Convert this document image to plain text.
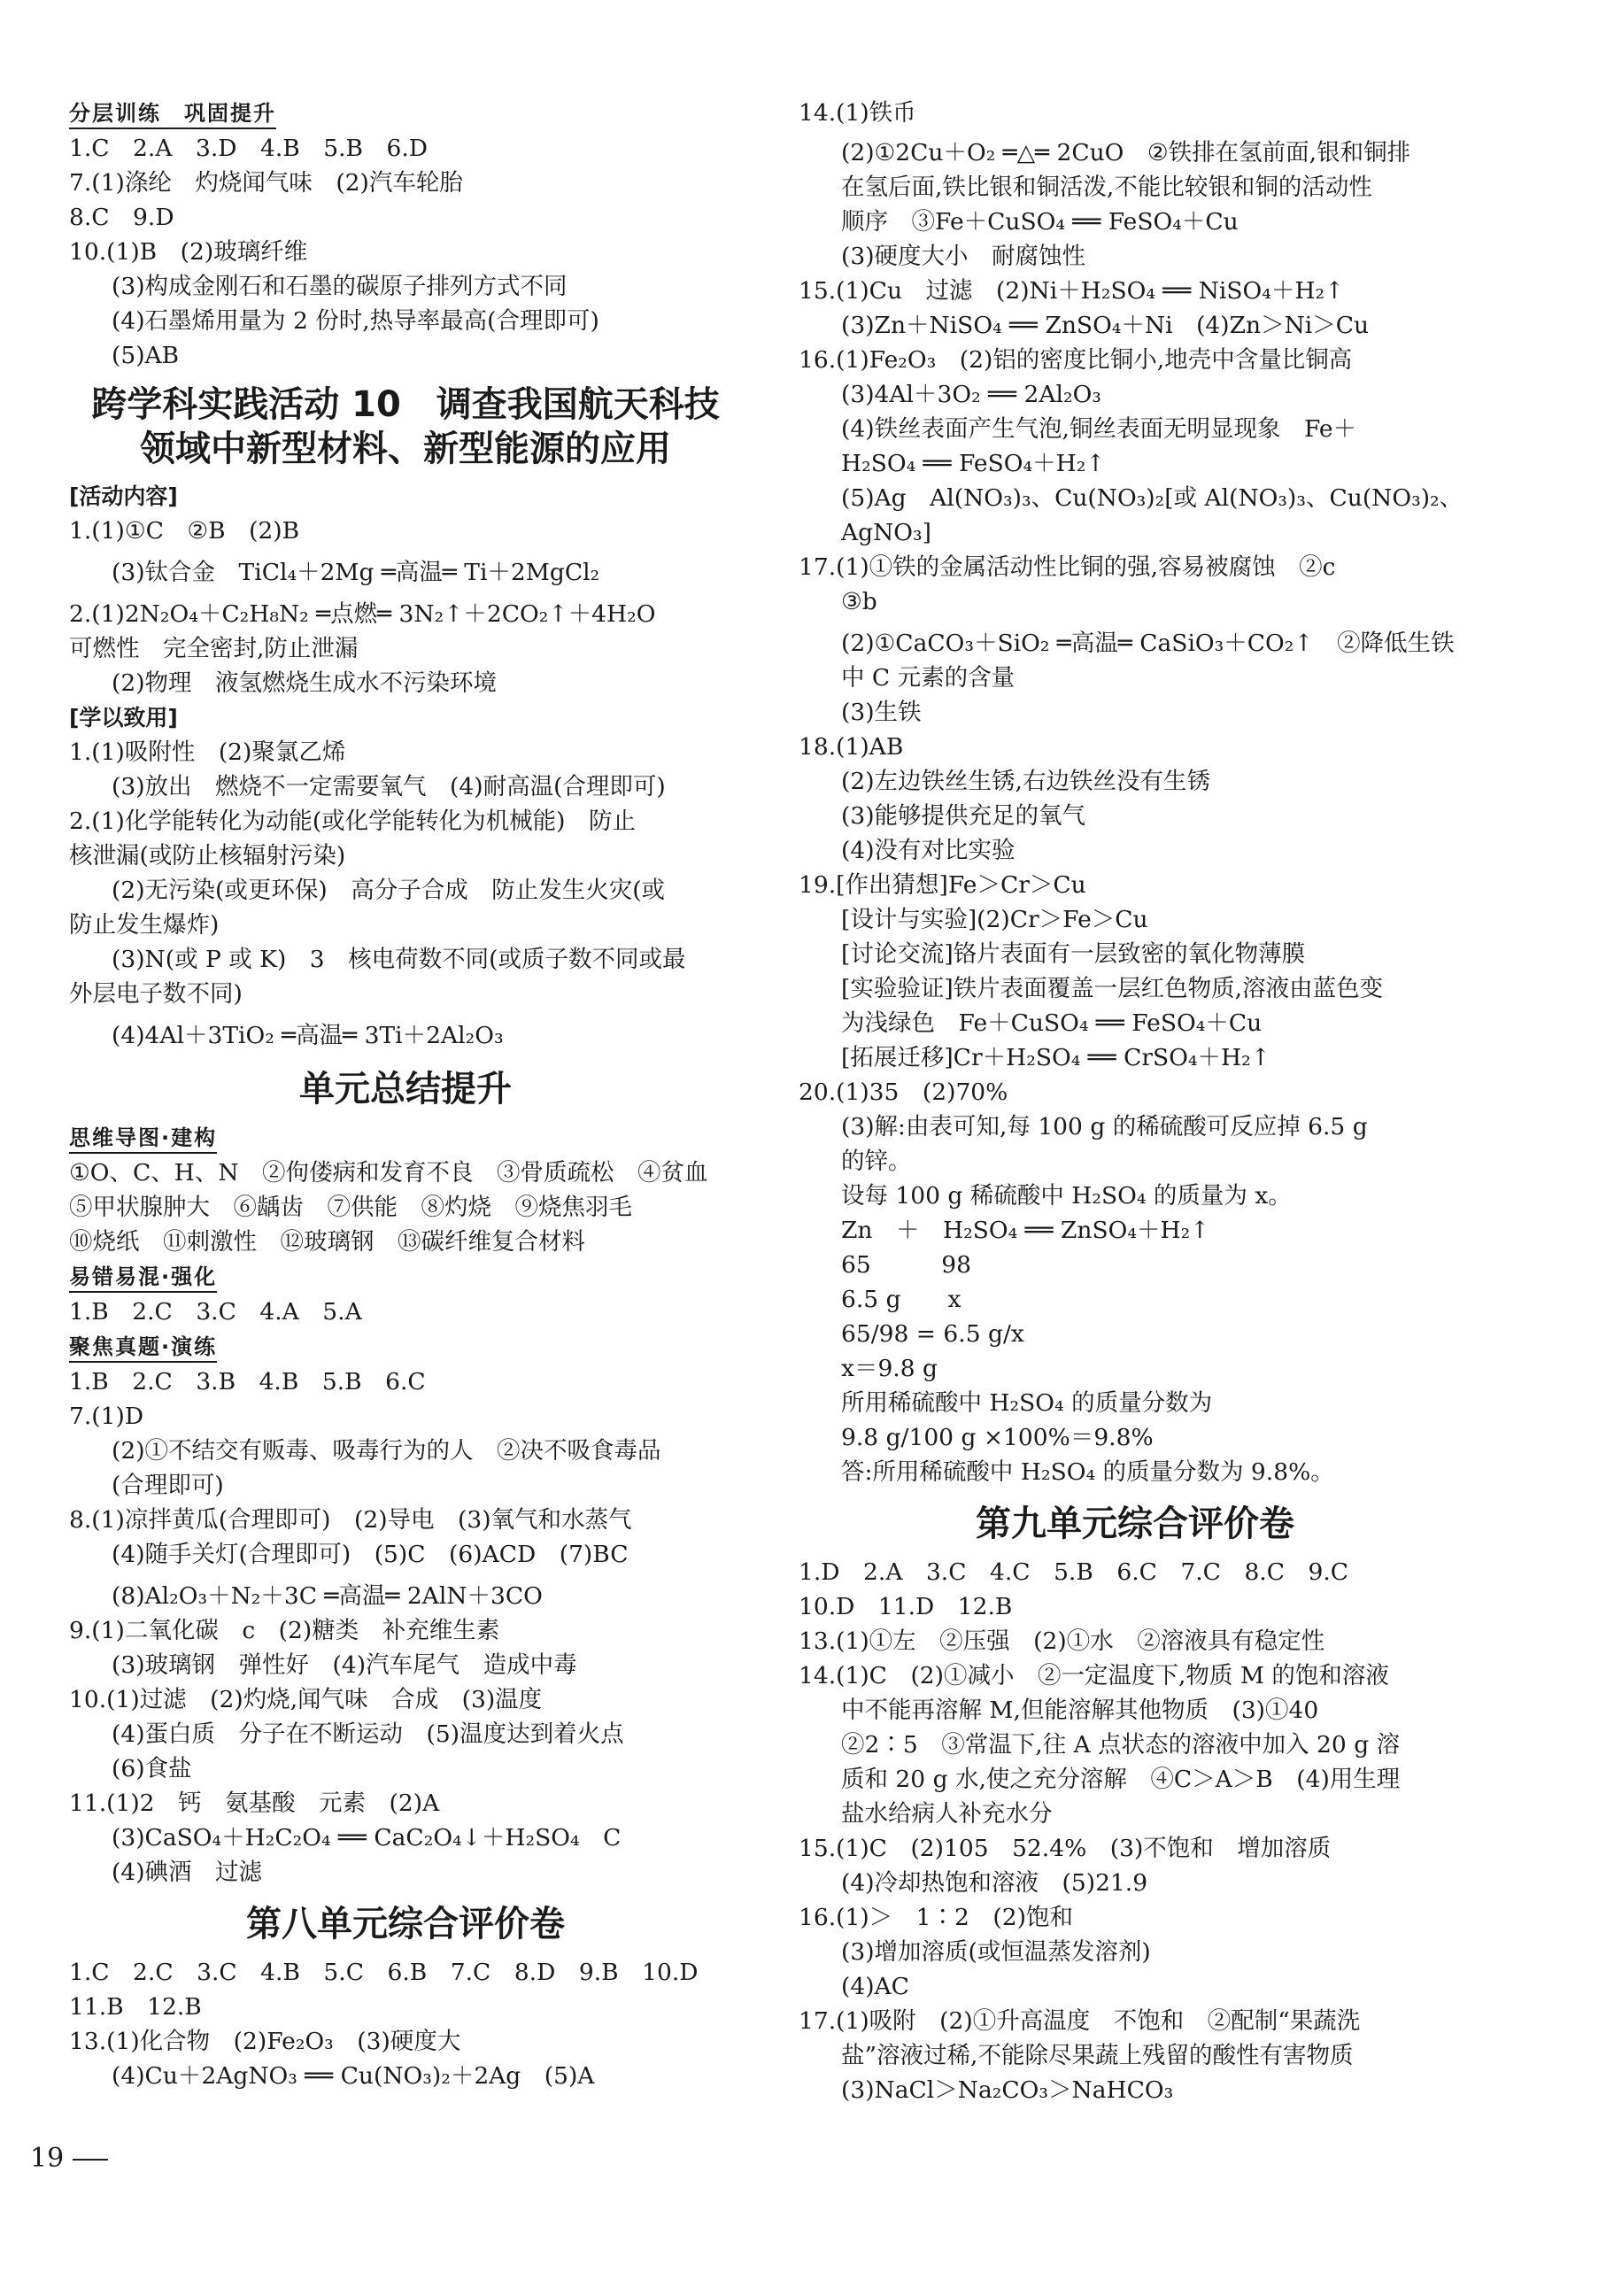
分层训练　巩固提升
1.C　2.A　3.D　4.B　5.B　6.D
7.(1)涤纶　灼烧闻气味　(2)汽车轮胎
8.C　9.D
10.(1)B　(2)玻璃纤维
(3)构成金刚石和石墨的碳原子排列方式不同
(4)石墨烯用量为 2 份时,热导率最高(合理即可)
(5)AB
跨学科实践活动 10　调查我国航天科技
领域中新型材料、新型能源的应用
[活动内容]
1.(1)①C　②B　(2)B
(3)钛合金　TiCl₄＋2Mg ═高温═ Ti＋2MgCl₂
2.(1)2N₂O₄＋C₂H₈N₂ ═点燃═ 3N₂↑＋2CO₂↑＋4H₂O
可燃性　完全密封,防止泄漏
(2)物理　液氢燃烧生成水不污染环境
[学以致用]
1.(1)吸附性　(2)聚氯乙烯
(3)放出　燃烧不一定需要氧气　(4)耐高温(合理即可)
2.(1)化学能转化为动能(或化学能转化为机械能)　防止
核泄漏(或防止核辐射污染)
(2)无污染(或更环保)　高分子合成　防止发生火灾(或
防止发生爆炸)
(3)N(或 P 或 K)　3　核电荷数不同(或质子数不同或最
外层电子数不同)
(4)4Al＋3TiO₂ ═高温═ 3Ti＋2Al₂O₃
单元总结提升
思维导图·建构
①O、C、H、N　②佝偻病和发育不良　③骨质疏松　④贫血
⑤甲状腺肿大　⑥龋齿　⑦供能　⑧灼烧　⑨烧焦羽毛
⑩烧纸　⑪刺激性　⑫玻璃钢　⑬碳纤维复合材料
易错易混·强化
1.B　2.C　3.C　4.A　5.A
聚焦真题·演练
1.B　2.C　3.B　4.B　5.B　6.C
7.(1)D
(2)①不结交有贩毒、吸毒行为的人　②决不吸食毒品
(合理即可)
8.(1)凉拌黄瓜(合理即可)　(2)导电　(3)氧气和水蒸气
(4)随手关灯(合理即可)　(5)C　(6)ACD　(7)BC
(8)Al₂O₃＋N₂＋3C ═高温═ 2AlN＋3CO
9.(1)二氧化碳　c　(2)糖类　补充维生素
(3)玻璃钢　弹性好　(4)汽车尾气　造成中毒
10.(1)过滤　(2)灼烧,闻气味　合成　(3)温度
(4)蛋白质　分子在不断运动　(5)温度达到着火点
(6)食盐
11.(1)2　钙　氨基酸　元素　(2)A
(3)CaSO₄＋H₂C₂O₄ ══ CaC₂O₄↓＋H₂SO₄　C
(4)碘酒　过滤
第八单元综合评价卷
1.C　2.C　3.C　4.B　5.C　6.B　7.C　8.D　9.B　10.D
11.B　12.B
13.(1)化合物　(2)Fe₂O₃　(3)硬度大
(4)Cu＋2AgNO₃ ══ Cu(NO₃)₂＋2Ag　(5)A
14.(1)铁币
(2)①2Cu＋O₂ ═△═ 2CuO　②铁排在氢前面,银和铜排
在氢后面,铁比银和铜活泼,不能比较银和铜的活动性
顺序　③Fe＋CuSO₄ ══ FeSO₄＋Cu
(3)硬度大小　耐腐蚀性
15.(1)Cu　过滤　(2)Ni＋H₂SO₄ ══ NiSO₄＋H₂↑
(3)Zn＋NiSO₄ ══ ZnSO₄＋Ni　(4)Zn＞Ni＞Cu
16.(1)Fe₂O₃　(2)铝的密度比铜小,地壳中含量比铜高
(3)4Al＋3O₂ ══ 2Al₂O₃
(4)铁丝表面产生气泡,铜丝表面无明显现象　Fe＋
H₂SO₄ ══ FeSO₄＋H₂↑
(5)Ag　Al(NO₃)₃、Cu(NO₃)₂[或 Al(NO₃)₃、Cu(NO₃)₂、
AgNO₃]
17.(1)①铁的金属活动性比铜的强,容易被腐蚀　②c
③b
(2)①CaCO₃＋SiO₂ ═高温═ CaSiO₃＋CO₂↑　②降低生铁
中 C 元素的含量
(3)生铁
18.(1)AB
(2)左边铁丝生锈,右边铁丝没有生锈
(3)能够提供充足的氧气
(4)没有对比实验
19.[作出猜想]Fe＞Cr＞Cu
[设计与实验](2)Cr＞Fe＞Cu
[讨论交流]铬片表面有一层致密的氧化物薄膜
[实验验证]铁片表面覆盖一层红色物质,溶液由蓝色变
为浅绿色　Fe＋CuSO₄ ══ FeSO₄＋Cu
[拓展迁移]Cr＋H₂SO₄ ══ CrSO₄＋H₂↑
20.(1)35　(2)70%
(3)解:由表可知,每 100 g 的稀硫酸可反应掉 6.5 g
的锌。
设每 100 g 稀硫酸中 H₂SO₄ 的质量为 x。
Zn　＋　H₂SO₄ ══ ZnSO₄＋H₂↑
65　　　98
6.5 g　　x
65/98 = 6.5 g/x
x＝9.8 g
所用稀硫酸中 H₂SO₄ 的质量分数为
9.8 g/100 g ×100%＝9.8%
答:所用稀硫酸中 H₂SO₄ 的质量分数为 9.8%。
第九单元综合评价卷
1.D　2.A　3.C　4.C　5.B　6.C　7.C　8.C　9.C
10.D　11.D　12.B
13.(1)①左　②压强　(2)①水　②溶液具有稳定性
14.(1)C　(2)①减小　②一定温度下,物质 M 的饱和溶液
中不能再溶解 M,但能溶解其他物质　(3)①40
②2∶5　③常温下,往 A 点状态的溶液中加入 20 g 溶
质和 20 g 水,使之充分溶解　④C＞A＞B　(4)用生理
盐水给病人补充水分
15.(1)C　(2)105　52.4%　(3)不饱和　增加溶质
(4)冷却热饱和溶液　(5)21.9
16.(1)＞　1∶2　(2)饱和
(3)增加溶质(或恒温蒸发溶剂)
(4)AC
17.(1)吸附　(2)①升高温度　不饱和　②配制“果蔬洗
盐”溶液过稀,不能除尽果蔬上残留的酸性有害物质
(3)NaCl＞Na₂CO₃＞NaHCO₃
19
